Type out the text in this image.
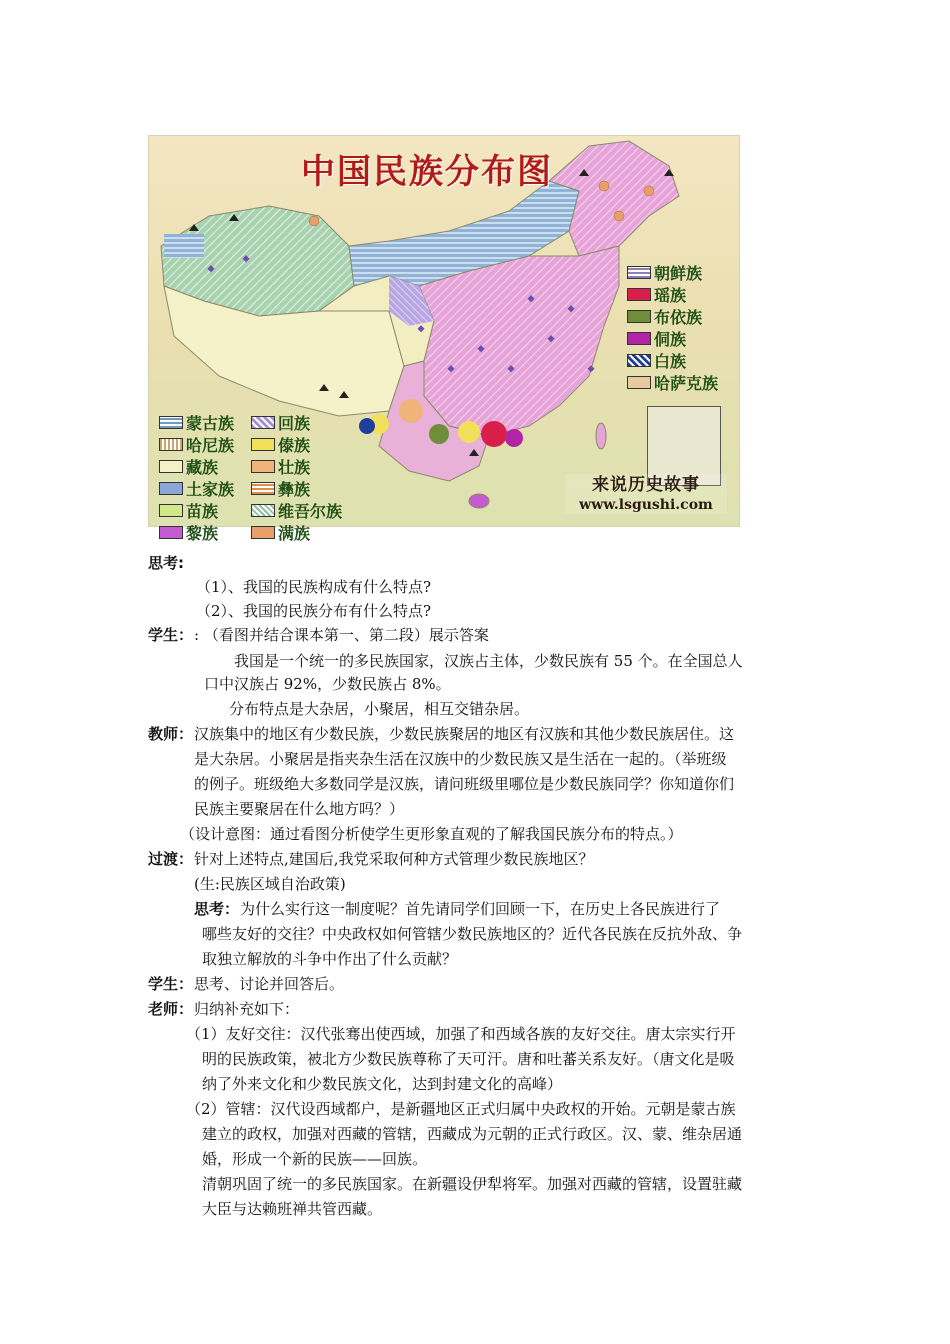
中国民族分布图
朝鲜族
瑶族
布依族
侗族
白族
哈萨克族
蒙古族
哈尼族
藏族
土家族
苗族
黎族
回族
傣族
壮族
彝族
维吾尔族
满族
来说历史故事
www.lsgushi.com
思考:
（1）、我国的民族构成有什么特点?
（2）、我国的民族分布有什么特点?
学生： : （看图并结合课本第一、第二段）展示答案
我国是一个统一的多民族国家，汉族占主体，少数民族有 55 个。在全国总人
口中汉族占 92%，少数民族占 8%。
分布特点是大杂居，小聚居，相互交错杂居。
教师： 汉族集中的地区有少数民族，少数民族聚居的地区有汉族和其他少数民族居住。这
是大杂居。小聚居是指夹杂生活在汉族中的少数民族又是生活在一起的。（举班级
的例子。班级绝大多数同学是汉族，请问班级里哪位是少数民族同学？你知道你们
民族主要聚居在什么地方吗？）
（设计意图：通过看图分析使学生更形象直观的了解我国民族分布的特点。）
过渡： 针对上述特点,建国后,我党采取何种方式管理少数民族地区？
(生:民族区域自治政策)
思考： 为什么实行这一制度呢？首先请同学们回顾一下，在历史上各民族进行了
哪些友好的交往？中央政权如何管辖少数民族地区的？近代各民族在反抗外敌、争
取独立解放的斗争中作出了什么贡献？
学生： 思考、讨论并回答后。
老师： 归纳补充如下：
（1）友好交往：汉代张骞出使西域，加强了和西域各族的友好交往。唐太宗实行开
明的民族政策，被北方少数民族尊称了天可汗。唐和吐蕃关系友好。（唐文化是吸
纳了外来文化和少数民族文化，达到封建文化的高峰）
（2）管辖：汉代设西域都户，是新疆地区正式归属中央政权的开始。元朝是蒙古族
建立的政权，加强对西藏的管辖，西藏成为元朝的正式行政区。汉、蒙、维杂居通
婚，形成一个新的民族——回族。
清朝巩固了统一的多民族国家。在新疆设伊犁将军。加强对西藏的管辖，设置驻藏
大臣与达赖班禅共管西藏。
